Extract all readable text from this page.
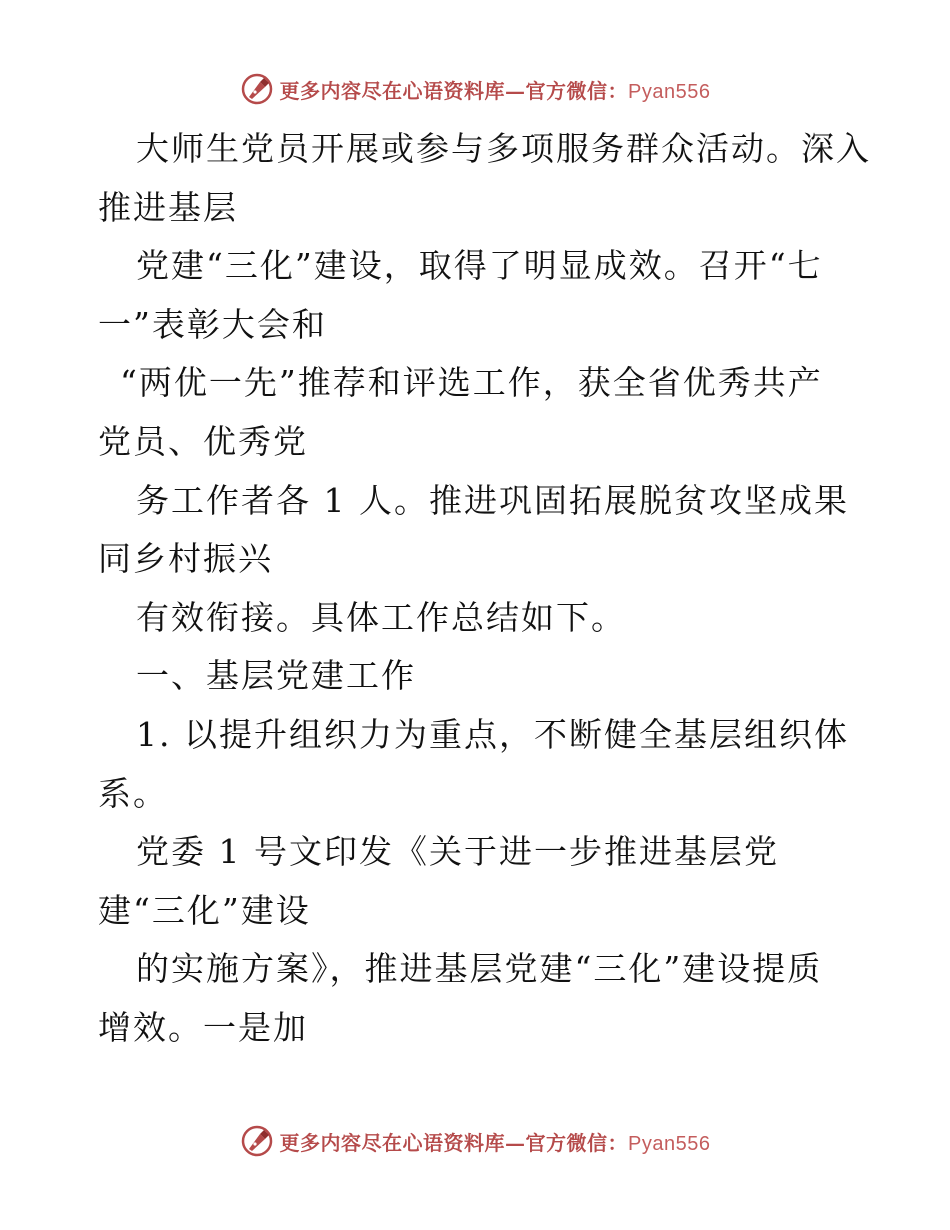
更多内容尽在心语资料库—官方微信：Pyan556
大师生党员开展或参与多项服务群众活动。深入
推进基层
党建“三化”建设，取得了明显成效。召开“七
一”表彰大会和
“两优一先”推荐和评选工作，获全省优秀共产
党员、优秀党
务工作者各 1 人。推进巩固拓展脱贫攻坚成果
同乡村振兴
有效衔接。具体工作总结如下。
一、基层党建工作
1. 以提升组织力为重点，不断健全基层组织体
系。
党委 1 号文印发《关于进一步推进基层党
建“三化”建设
的实施方案》，推进基层党建“三化”建设提质
增效。一是加
更多内容尽在心语资料库—官方微信：Pyan556
